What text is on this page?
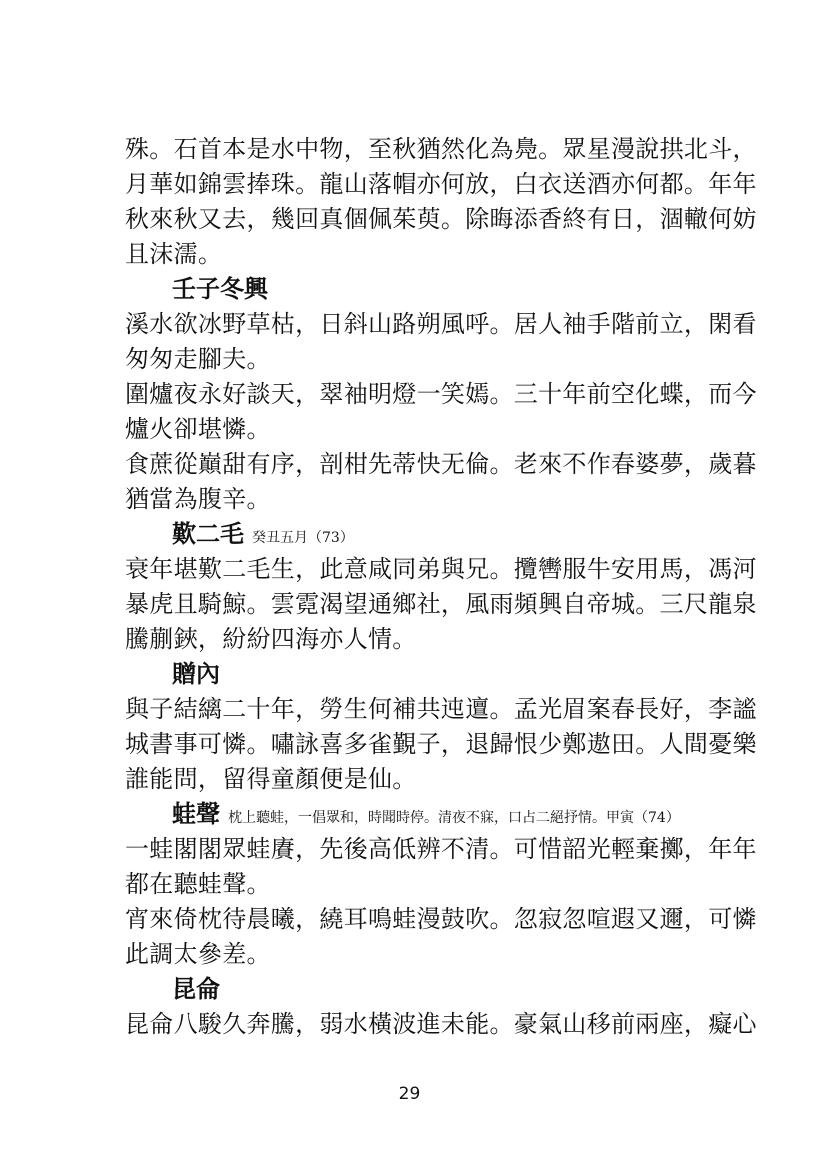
殊。石首本是水中物，至秋猶然化為鳧。眾星漫說拱北斗，
月華如錦雲捧珠。龍山落帽亦何放，白衣送酒亦何都。年年
秋來秋又去，幾回真個佩茱萸。除晦添香終有日，涸轍何妨
且沫濡。
壬子冬興
溪水欲冰野草枯，日斜山路朔風呼。居人袖手階前立，閑看
匆匆走腳夫。
圍爐夜永好談天，翠袖明燈一笑嫣。三十年前空化蝶，而今
爐火卻堪憐。
食蔗從巔甜有序，剖柑先蒂快无倫。老來不作春婆夢，歲暮
猶當為腹辛。
歎二毛 癸丑五月（73）
衰年堪歎二毛生，此意咸同弟與兄。攬轡服牛安用馬，馮河
暴虎且騎鯨。雲霓渴望通鄉社，風雨頻興自帝城。三尺龍泉
騰蒯鋏，紛紛四海亦人情。
贈內
與子結縭二十年，勞生何補共迍邅。孟光眉案春長好，李謐
城書事可憐。嘯詠喜多雀覲子，退歸恨少鄭遨田。人間憂樂
誰能問，留得童顏便是仙。
蛙聲 枕上聽蛙，一倡眾和，時聞時停。清夜不寐，口占二絕抒情。甲寅（74）
一蛙閣閣眾蛙賡，先後高低辨不清。可惜韶光輕棄擲，年年
都在聽蛙聲。
宵來倚枕待晨曦，繞耳鳴蛙漫鼓吹。忽寂忽喧遐又邇，可憐
此調太參差。
昆侖
昆侖八駿久奔騰，弱水橫波進未能。豪氣山移前兩座，癡心
29
